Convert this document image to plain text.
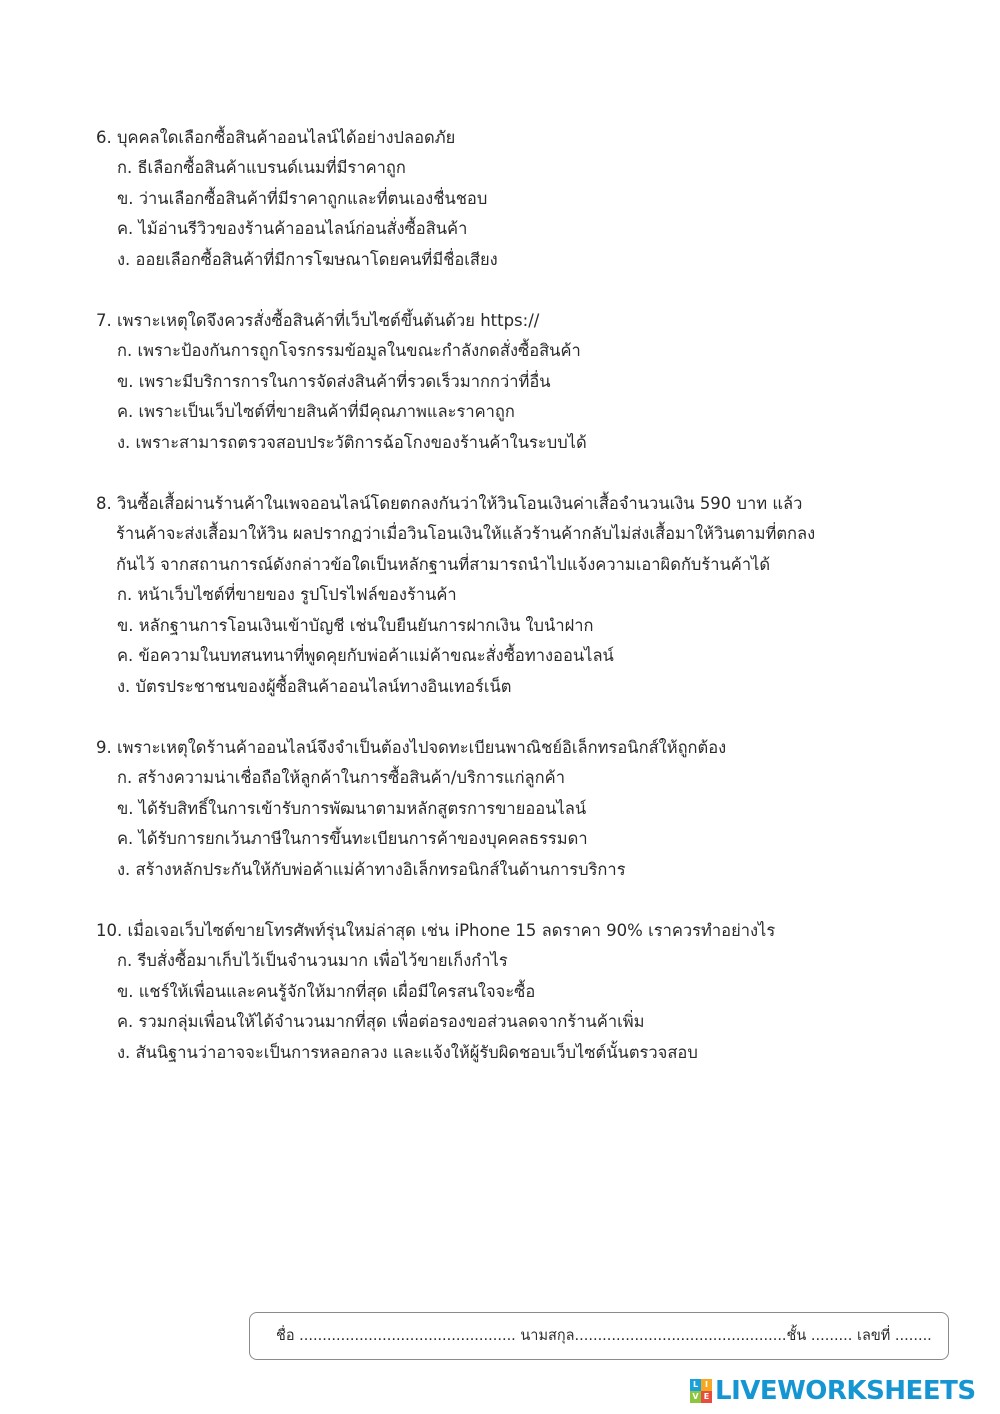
6. บุคคลใดเลือกซื้อสินค้าออนไลน์ได้อย่างปลอดภัย
ก. ธีเลือกซื้อสินค้าแบรนด์เนมที่มีราคาถูก
ข. ว่านเลือกซื้อสินค้าที่มีราคาถูกและที่ตนเองชื่นชอบ
ค. ไม้อ่านรีวิวของร้านค้าออนไลน์ก่อนสั่งซื้อสินค้า
ง. ออยเลือกซื้อสินค้าที่มีการโฆษณาโดยคนที่มีชื่อเสียง
7. เพราะเหตุใดจึงควรสั่งซื้อสินค้าที่เว็บไซต์ขึ้นต้นด้วย https://
ก. เพราะป้องกันการถูกโจรกรรมข้อมูลในขณะกำลังกดสั่งซื้อสินค้า
ข. เพราะมีบริการการในการจัดส่งสินค้าที่รวดเร็วมากกว่าที่อื่น
ค. เพราะเป็นเว็บไซต์ที่ขายสินค้าที่มีคุณภาพและราคาถูก
ง. เพราะสามารถตรวจสอบประวัติการฉ้อโกงของร้านค้าในระบบได้
8. วินซื้อเสื้อผ่านร้านค้าในเพจออนไลน์โดยตกลงกันว่าให้วินโอนเงินค่าเสื้อจำนวนเงิน 590 บาท แล้ว
ร้านค้าจะส่งเสื้อมาให้วิน ผลปรากฏว่าเมื่อวินโอนเงินให้แล้วร้านค้ากลับไม่ส่งเสื้อมาให้วินตามที่ตกลง
กันไว้ จากสถานการณ์ดังกล่าวข้อใดเป็นหลักฐานที่สามารถนำไปแจ้งความเอาผิดกับร้านค้าได้
ก. หน้าเว็บไซต์ที่ขายของ รูปโปรไฟล์ของร้านค้า
ข. หลักฐานการโอนเงินเข้าบัญชี เช่นใบยืนยันการฝากเงิน ใบนำฝาก
ค. ข้อความในบทสนทนาที่พูดคุยกับพ่อค้าแม่ค้าขณะสั่งซื้อทางออนไลน์
ง. บัตรประชาชนของผู้ซื้อสินค้าออนไลน์ทางอินเทอร์เน็ต
9. เพราะเหตุใดร้านค้าออนไลน์จึงจำเป็นต้องไปจดทะเบียนพาณิชย์อิเล็กทรอนิกส์ให้ถูกต้อง
ก. สร้างความน่าเชื่อถือให้ลูกค้าในการซื้อสินค้า/บริการแก่ลูกค้า
ข. ได้รับสิทธิ์ในการเข้ารับการพัฒนาตามหลักสูตรการขายออนไลน์
ค. ได้รับการยกเว้นภาษีในการขึ้นทะเบียนการค้าของบุคคลธรรมดา
ง. สร้างหลักประกันให้กับพ่อค้าแม่ค้าทางอิเล็กทรอนิกส์ในด้านการบริการ
10. เมื่อเจอเว็บไซต์ขายโทรศัพท์รุ่นใหม่ล่าสุด เช่น iPhone 15 ลดราคา 90% เราควรทำอย่างไร
ก. รีบสั่งซื้อมาเก็บไว้เป็นจำนวนมาก เพื่อไว้ขายเก็งกำไร
ข. แชร์ให้เพื่อนและคนรู้จักให้มากที่สุด เผื่อมีใครสนใจจะซื้อ
ค. รวมกลุ่มเพื่อนให้ได้จำนวนมากที่สุด เพื่อต่อรองขอส่วนลดจากร้านค้าเพิ่ม
ง. สันนิฐานว่าอาจจะเป็นการหลอกลวง และแจ้งให้ผู้รับผิดชอบเว็บไซต์นั้นตรวจสอบ
ชื่อ ............................................... นามสกุล..............................................ชั้น ......... เลขที่ ........
L I
V E LIVEWORKSHEETS
